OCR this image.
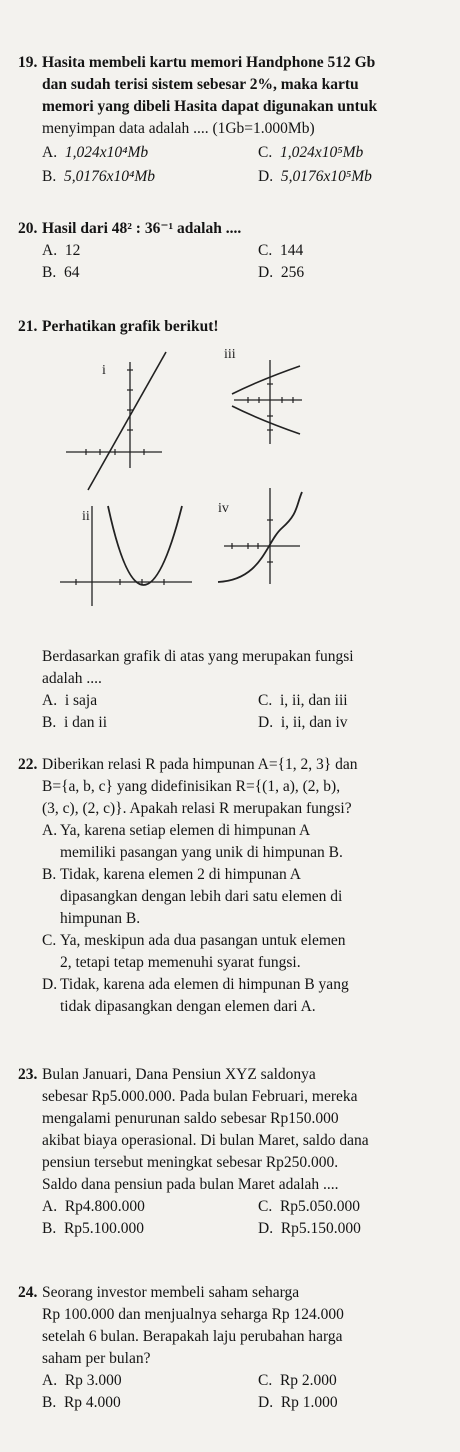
19. Hasita membeli kartu memori Handphone 512 Gb

dan sudah terisi sistem sebesar 2%, maka kartu

memori yang dibeli Hasita dapat digunakan untuk

menyimpan data adalah .... (1Gb=1.000Mb)

A.  1,024x10⁴Mb	C.  1,024x10⁵Mb
B.  5,0176x10⁴Mb	D.  5,0176x10⁵Mb
20. Hasil dari 48² : 36⁻¹ adalah ....

A.  12	C.  144
B.  64	D.  256
21. Perhatikan grafik berikut!

i
iii
ii
iv

Berdasarkan grafik di atas yang merupakan fungsi

adalah ....

A.  i saja	C.  i, ii, dan iii
B.  i dan ii	D.  i, ii, dan iv
22. Diberikan relasi R pada himpunan A={1, 2, 3} dan

B={a, b, c} yang didefinisikan R={(1, a), (2, b),

(3, c), (2, c)}. Apakah relasi R merupakan fungsi?

A. Ya, karena setiap elemen di himpunan A
memiliki pasangan yang unik di himpunan B.
B. Tidak, karena elemen 2 di himpunan A
dipasangkan dengan lebih dari satu elemen di
himpunan B.
C. Ya, meskipun ada dua pasangan untuk elemen
2, tetapi tetap memenuhi syarat fungsi.
D. Tidak, karena ada elemen di himpunan B yang
tidak dipasangkan dengan elemen dari A.
23. Bulan Januari, Dana Pensiun XYZ saldonya

sebesar Rp5.000.000. Pada bulan Februari, mereka

mengalami penurunan saldo sebesar Rp150.000

akibat biaya operasional. Di bulan Maret, saldo dana

pensiun tersebut meningkat sebesar Rp250.000.

Saldo dana pensiun pada bulan Maret adalah ....

A.  Rp4.800.000	C.  Rp5.050.000
B.  Rp5.100.000	D.  Rp5.150.000
24. Seorang investor membeli saham seharga

Rp 100.000 dan menjualnya seharga Rp 124.000

setelah 6 bulan. Berapakah laju perubahan harga

saham per bulan?

A.  Rp 3.000	C.  Rp 2.000
B.  Rp 4.000	D.  Rp 1.000
